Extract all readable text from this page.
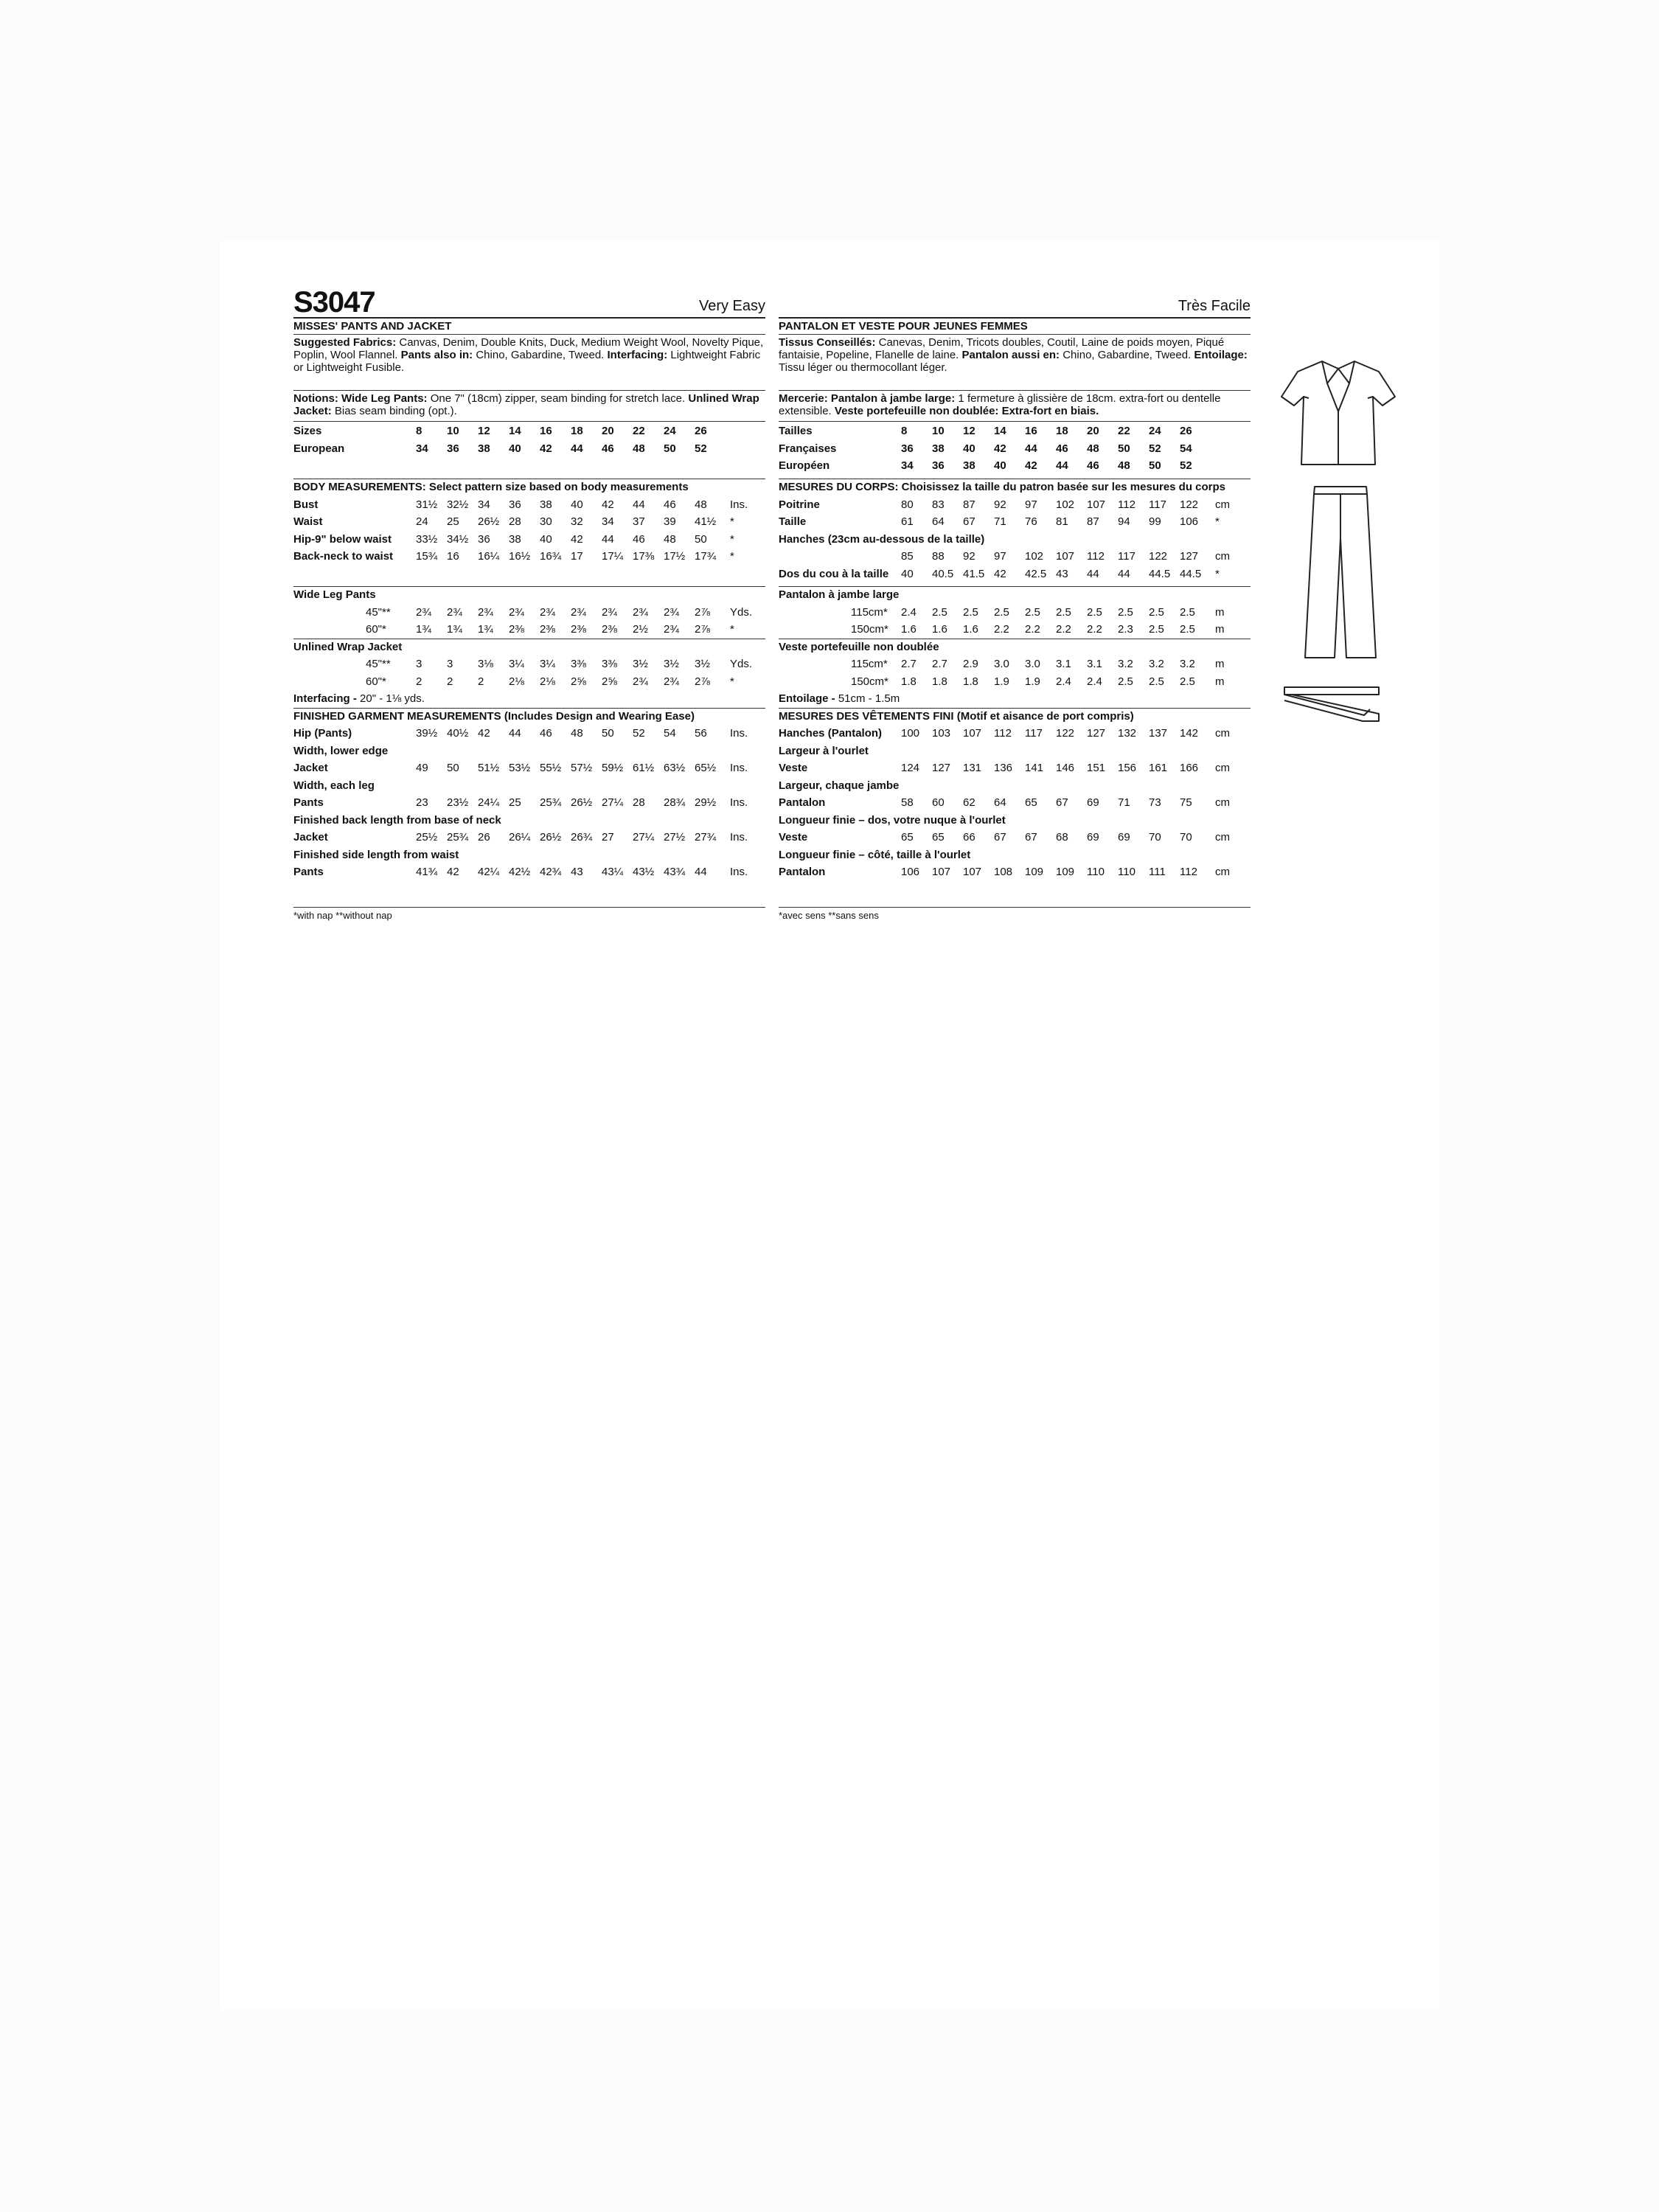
S3047	Very Easy
MISSES' PANTS AND JACKET
Suggested Fabrics: Canvas, Denim, Double Knits, Duck, Medium Weight Wool, Novelty Pique, Poplin, Wool Flannel. Pants also in: Chino, Gabardine, Tweed. Interfacing: Lightweight Fabric or Lightweight Fusible.
Notions: Wide Leg Pants: One 7" (18cm) zipper, seam binding for stretch lace. Unlined Wrap Jacket: Bias seam binding (opt.).
Sizes	8 10 12 14 16 18 20 22 24 26
European	34 36 38 40 42 44 46 48 50 52
BODY MEASUREMENTS: Select pattern size based on body measurements
Bust	31½ 32½ 34 36 38 40 42 44 46 48 Ins.
Waist	24 25 26½ 28 30 32 34 37 39 41½ *
Hip-9" below waist 33½ 34½ 36 38 40 42 44 46 48 50 *
Back-neck to waist 15¾ 16 16¼ 16½ 16¾ 17 17¼ 17⅜ 17½ 17¾ *
Wide Leg Pants
45"** 2¾ 2¾ 2¾ 2¾ 2¾ 2¾ 2¾ 2¾ 2¾ 2⅞ Yds.
60"*	1¾ 1¾ 1¾ 2⅜ 2⅜ 2⅜ 2⅜ 2½ 2¾ 2⅞ *
Unlined Wrap Jacket
45"** 3 3 3⅛ 3¼ 3¼ 3⅜ 3⅜ 3½ 3½ 3½ Yds.
60"*	2 2 2 2⅛ 2⅛ 2⅝ 2⅝ 2¾ 2¾ 2⅞ *
Interfacing - 20" - 1⅛ yds.
FINISHED GARMENT MEASUREMENTS (Includes Design and Wearing Ease)
Hip (Pants)	39½ 40½ 42 44 46 48 50 52 54 56 Ins.
Width, lower edge
Jacket	49 50 51½ 53½ 55½ 57½ 59½ 61½ 63½ 65½ Ins.
Width, each leg
Pants	23 23½ 24¼ 25 25¾ 26½ 27¼ 28 28¾ 29½ Ins.
Finished back length from base of neck
Jacket	25½ 25¾ 26 26¼ 26½ 26¾ 27 27¼ 27½ 27¾ Ins.
Finished side length from waist
Pants	41¾ 42 42¼ 42½ 42¾ 43 43¼ 43½ 43¾ 44 Ins.
*with nap **without nap
Très Facile
PANTALON ET VESTE POUR JEUNES FEMMES
Tissus Conseillés: Canevas, Denim, Tricots doubles, Coutil, Laine de poids moyen, Piqué fantaisie, Popeline, Flanelle de laine. Pantalon aussi en: Chino, Gabardine, Tweed. Entoilage: Tissu léger ou thermocollant léger.
Mercerie: Pantalon à jambe large: 1 fermeture à glissière de 18cm. extra-fort ou dentelle extensible. Veste portefeuille non doublée: Extra-fort en biais.
Tailles	8 10 12 14 16 18 20 22 24 26
Françaises	36 38 40 42 44 46 48 50 52 54
Européen	34 36 38 40 42 44 46 48 50 52
MESURES DU CORPS: Choisissez la taille du patron basée sur les mesures du corps
Poitrine	80 83 87 92 97 102 107 112 117 122 cm
Taille	61 64 67 71 76 81 87 94 99 106 *
Hanches (23cm au-dessous de la taille)
85 88 92 97 102 107 112 117 122 127 cm
Dos du cou à la taille 40 40.5 41.5 42 42.5 43 44 44 44.5 44.5 *
Pantalon à jambe large
115cm* 2.4 2.5 2.5 2.5 2.5 2.5 2.5 2.5 2.5 2.5 m
150cm* 1.6 1.6 1.6 2.2 2.2 2.2 2.2 2.3 2.5 2.5 m
Veste portefeuille non doublée
115cm* 2.7 2.7 2.9 3.0 3.0 3.1 3.1 3.2 3.2 3.2 m
150cm* 1.8 1.8 1.8 1.9 1.9 2.4 2.4 2.5 2.5 2.5 m
Entoilage - 51cm - 1.5m
MESURES DES VÊTEMENTS FINI (Motif et aisance de port compris)
Hanches (Pantalon) 100 103 107 112 117 122 127 132 137 142 cm
Largeur à l'ourlet
Veste	124 127 131 136 141 146 151 156 161 166 cm
Largeur, chaque jambe
Pantalon	58 60 62 64 65 67 69 71 73 75 cm
Longueur finie – dos, votre nuque à l'ourlet
Veste	65 65 66 67 67 68 69 69 70 70 cm
Longueur finie – côté, taille à l'ourlet
Pantalon	106 107 107 108 109 109 110 110 111 112 cm
*avec sens **sans sens
